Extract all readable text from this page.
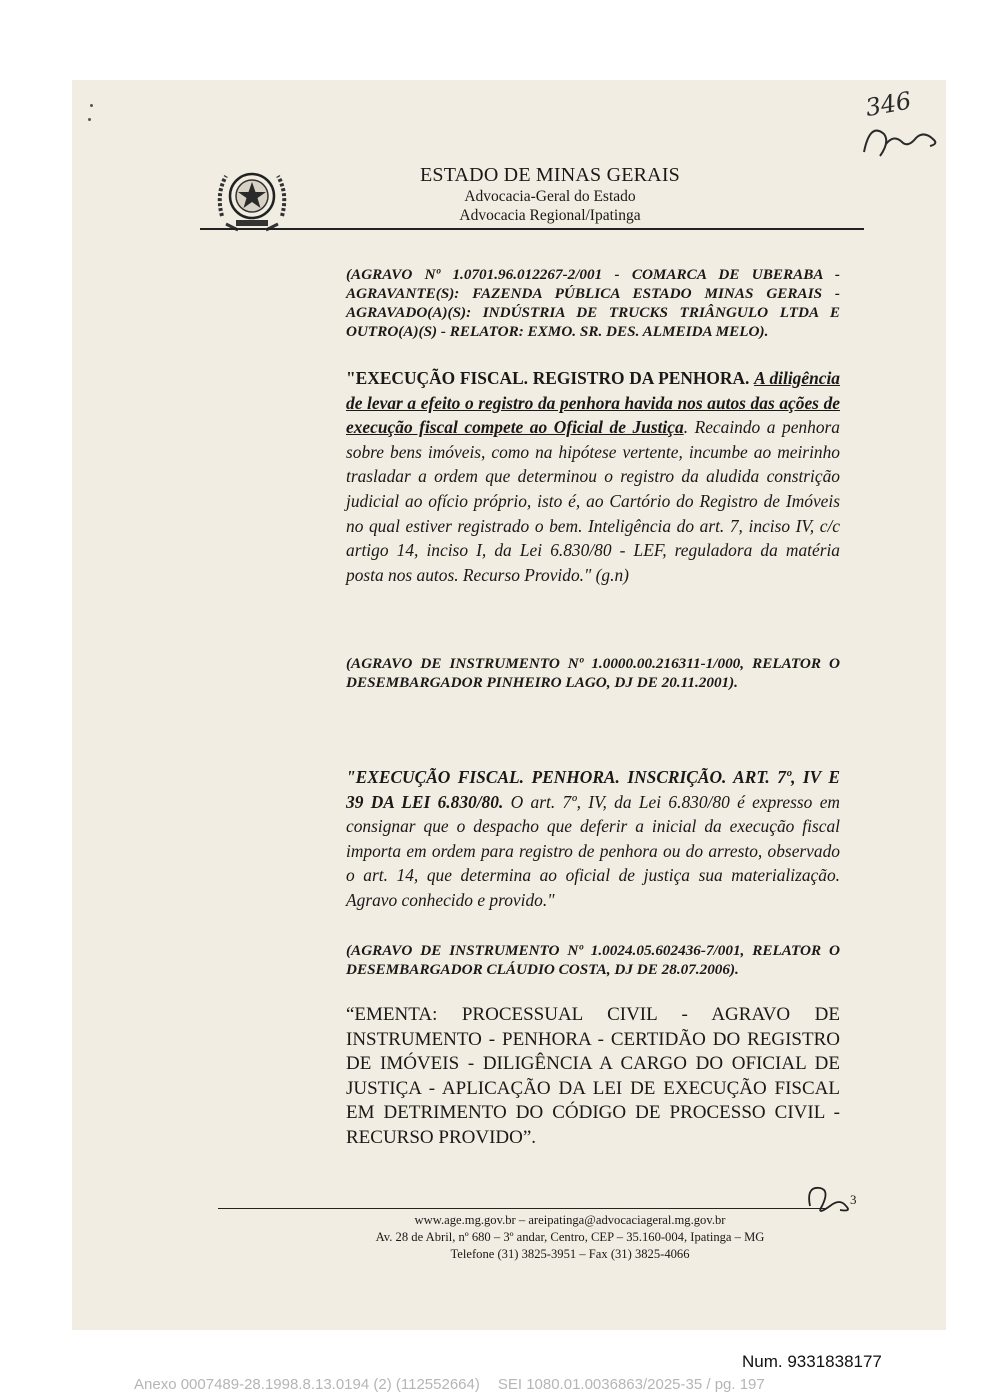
346
ESTADO DE MINAS GERAIS
Advocacia-Geral do Estado
Advocacia Regional/Ipatinga

(AGRAVO Nº 1.0701.96.012267-2/001 - COMARCA DE UBERABA - AGRAVANTE(S): FAZENDA PÚBLICA ESTADO MINAS GERAIS - AGRAVADO(A)(S): INDÚSTRIA DE TRUCKS TRIÂNGULO LTDA E OUTRO(A)(S) - RELATOR: EXMO. SR. DES. ALMEIDA MELO).

"EXECUÇÃO FISCAL. REGISTRO DA PENHORA. A diligência de levar a efeito o registro da penhora havida nos autos das ações de execução fiscal compete ao Oficial de Justiça. Recaindo a penhora sobre bens imóveis, como na hipótese vertente, incumbe ao meirinho trasladar a ordem que determinou o registro da aludida constrição judicial ao ofício próprio, isto é, ao Cartório do Registro de Imóveis no qual estiver registrado o bem. Inteligência do art. 7, inciso IV, c/c artigo 14, inciso I, da Lei 6.830/80 - LEF, reguladora da matéria posta nos autos. Recurso Provido." (g.n)

(AGRAVO DE INSTRUMENTO Nº 1.0000.00.216311-1/000, RELATOR O DESEMBARGADOR PINHEIRO LAGO, DJ DE 20.11.2001).

"EXECUÇÃO FISCAL. PENHORA. INSCRIÇÃO. ART. 7º, IV E 39 DA LEI 6.830/80. O art. 7º, IV, da Lei 6.830/80 é expresso em consignar que o despacho que deferir a inicial da execução fiscal importa em ordem para registro de penhora ou do arresto, observado o art. 14, que determina ao oficial de justiça sua materialização. Agravo conhecido e provido."

(AGRAVO DE INSTRUMENTO Nº 1.0024.05.602436-7/001, RELATOR O DESEMBARGADOR CLÁUDIO COSTA, DJ DE 28.07.2006).

“EMENTA: PROCESSUAL CIVIL - AGRAVO DE INSTRUMENTO - PENHORA - CERTIDÃO DO REGISTRO DE IMÓVEIS - DILIGÊNCIA A CARGO DO OFICIAL DE JUSTIÇA - APLICAÇÃO DA LEI DE EXECUÇÃO FISCAL EM DETRIMENTO DO CÓDIGO DE PROCESSO CIVIL - RECURSO PROVIDO”.

3
www.age.mg.gov.br – areipatinga@advocaciageral.mg.gov.br
Av. 28 de Abril, nº 680 – 3º andar, Centro, CEP – 35.160-004, Ipatinga – MG
Telefone (31) 3825-3951 – Fax (31) 3825-4066
Num. 9331838177
Anexo 0007489-28.1998.8.13.0194 (2) (112552664) SEI 1080.01.0036863/2025-35 / pg. 197
